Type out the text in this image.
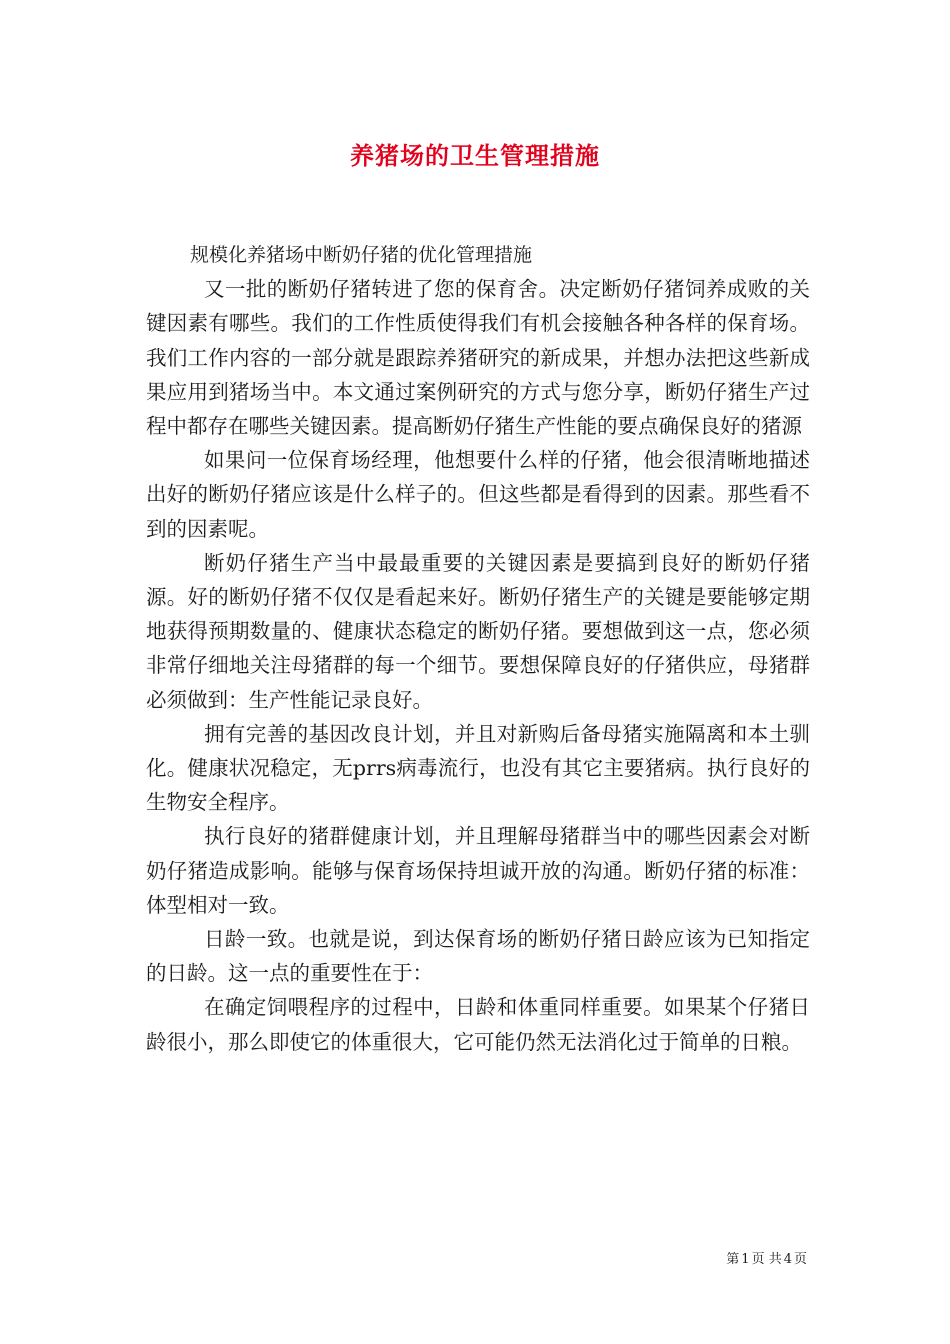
养猪场的卫生管理措施

规模化养猪场中断奶仔猪的优化管理措施

又一批的断奶仔猪转进了您的保育舍。决定断奶仔猪饲养成败的关键因素有哪些。我们的工作性质使得我们有机会接触各种各样的保育场。我们工作内容的一部分就是跟踪养猪研究的新成果，并想办法把这些新成果应用到猪场当中。本文通过案例研究的方式与您分享，断奶仔猪生产过程中都存在哪些关键因素。提高断奶仔猪生产性能的要点确保良好的猪源

如果问一位保育场经理，他想要什么样的仔猪，他会很清晰地描述出好的断奶仔猪应该是什么样子的。但这些都是看得到的因素。那些看不到的因素呢。

断奶仔猪生产当中最最重要的关键因素是要搞到良好的断奶仔猪源。好的断奶仔猪不仅仅是看起来好。断奶仔猪生产的关键是要能够定期地获得预期数量的、健康状态稳定的断奶仔猪。要想做到这一点，您必须非常仔细地关注母猪群的每一个细节。要想保障良好的仔猪供应，母猪群必须做到：生产性能记录良好。

拥有完善的基因改良计划，并且对新购后备母猪实施隔离和本土驯化。健康状况稳定，无prrs病毒流行，也没有其它主要猪病。执行良好的生物安全程序。

执行良好的猪群健康计划，并且理解母猪群当中的哪些因素会对断奶仔猪造成影响。能够与保育场保持坦诚开放的沟通。断奶仔猪的标准：体型相对一致。

日龄一致。也就是说，到达保育场的断奶仔猪日龄应该为已知指定的日龄。这一点的重要性在于：

在确定饲喂程序的过程中，日龄和体重同样重要。如果某个仔猪日龄很小，那么即使它的体重很大，它可能仍然无法消化过于简单的日粮。

第 1 页 共 4 页
